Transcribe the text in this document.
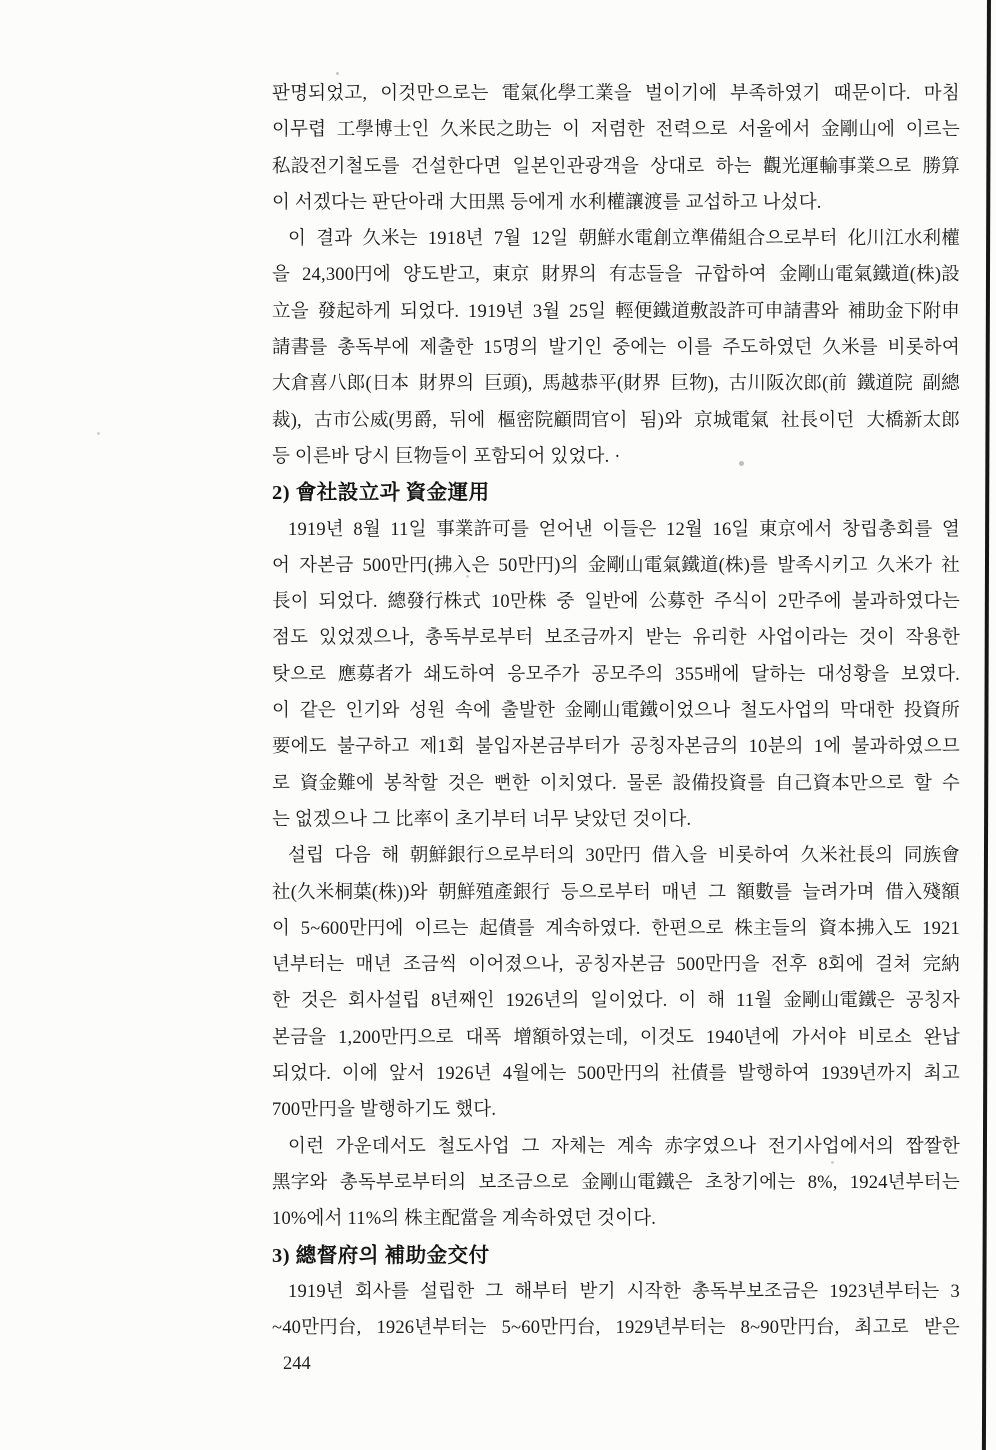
판명되었고, 이것만으로는 電氣化學工業을 벌이기에 부족하였기 때문이다. 마침
이무렵 工學博士인 久米民之助는 이 저렴한 전력으로 서울에서 金剛山에 이르는
私設전기철도를 건설한다면 일본인관광객을 상대로 하는 觀光運輸事業으로 勝算
이 서겠다는 판단아래 大田黑 등에게 水利權讓渡를 교섭하고 나섰다.
이 결과 久米는 1918년 7월 12일 朝鮮水電創立準備組合으로부터 化川江水利權
을 24,300円에 양도받고, 東京 財界의 有志들을 규합하여 金剛山電氣鐵道(株)設
立을 發起하게 되었다. 1919년 3월 25일 輕便鐵道敷設許可申請書와 補助金下附申
請書를 총독부에 제출한 15명의 발기인 중에는 이를 주도하였던 久米를 비롯하여
大倉喜八郎(日本 財界의 巨頭), 馬越恭平(財界 巨物), 古川阪次郎(前 鐵道院 副總
裁), 古市公威(男爵, 뒤에 樞密院顧問官이 됨)와 京城電氣 社長이던 大橋新太郎
등 이른바 당시 巨物들이 포함되어 있었다. ·
2) 會社設立과 資金運用
1919년 8월 11일 事業許可를 얻어낸 이들은 12월 16일 東京에서 창립총회를 열
어 자본금 500만円(拂入은 50만円)의 金剛山電氣鐵道(株)를 발족시키고 久米가 社
長이 되었다. 總發行株式 10만株 중 일반에 公募한 주식이 2만주에 불과하였다는
점도 있었겠으나, 총독부로부터 보조금까지 받는 유리한 사업이라는 것이 작용한
탓으로 應募者가 쇄도하여 응모주가 공모주의 355배에 달하는 대성황을 보였다.
이 같은 인기와 성원 속에 출발한 金剛山電鐵이었으나 철도사업의 막대한 投資所
要에도 불구하고 제1회 불입자본금부터가 공칭자본금의 10분의 1에 불과하였으므
로 資金難에 봉착할 것은 뻔한 이치였다. 물론 設備投資를 自己資本만으로 할 수
는 없겠으나 그 比率이 초기부터 너무 낮았던 것이다.
설립 다음 해 朝鮮銀行으로부터의 30만円 借入을 비롯하여 久米社長의 同族會
社(久米桐葉(株))와 朝鮮殖產銀行 등으로부터 매년 그 額數를 늘려가며 借入殘額
이 5~600만円에 이르는 起債를 계속하였다. 한편으로 株主들의 資本拂入도 1921
년부터는 매년 조금씩 이어졌으나, 공칭자본금 500만円을 전후 8회에 걸쳐 完納
한 것은 회사설립 8년째인 1926년의 일이었다. 이 해 11월 金剛山電鐵은 공칭자
본금을 1,200만円으로 대폭 增額하였는데, 이것도 1940년에 가서야 비로소 완납
되었다. 이에 앞서 1926년 4월에는 500만円의 社債를 발행하여 1939년까지 최고
700만円을 발행하기도 했다.
이런 가운데서도 철도사업 그 자체는 계속 赤字였으나 전기사업에서의 짭짤한
黑字와 총독부로부터의 보조금으로 金剛山電鐵은 초창기에는 8%, 1924년부터는
10%에서 11%의 株主配當을 계속하였던 것이다.
3) 總督府의 補助金交付
1919년 회사를 설립한 그 해부터 받기 시작한 총독부보조금은 1923년부터는 3
~40만円台, 1926년부터는 5~60만円台, 1929년부터는 8~90만円台, 최고로 받은
244
